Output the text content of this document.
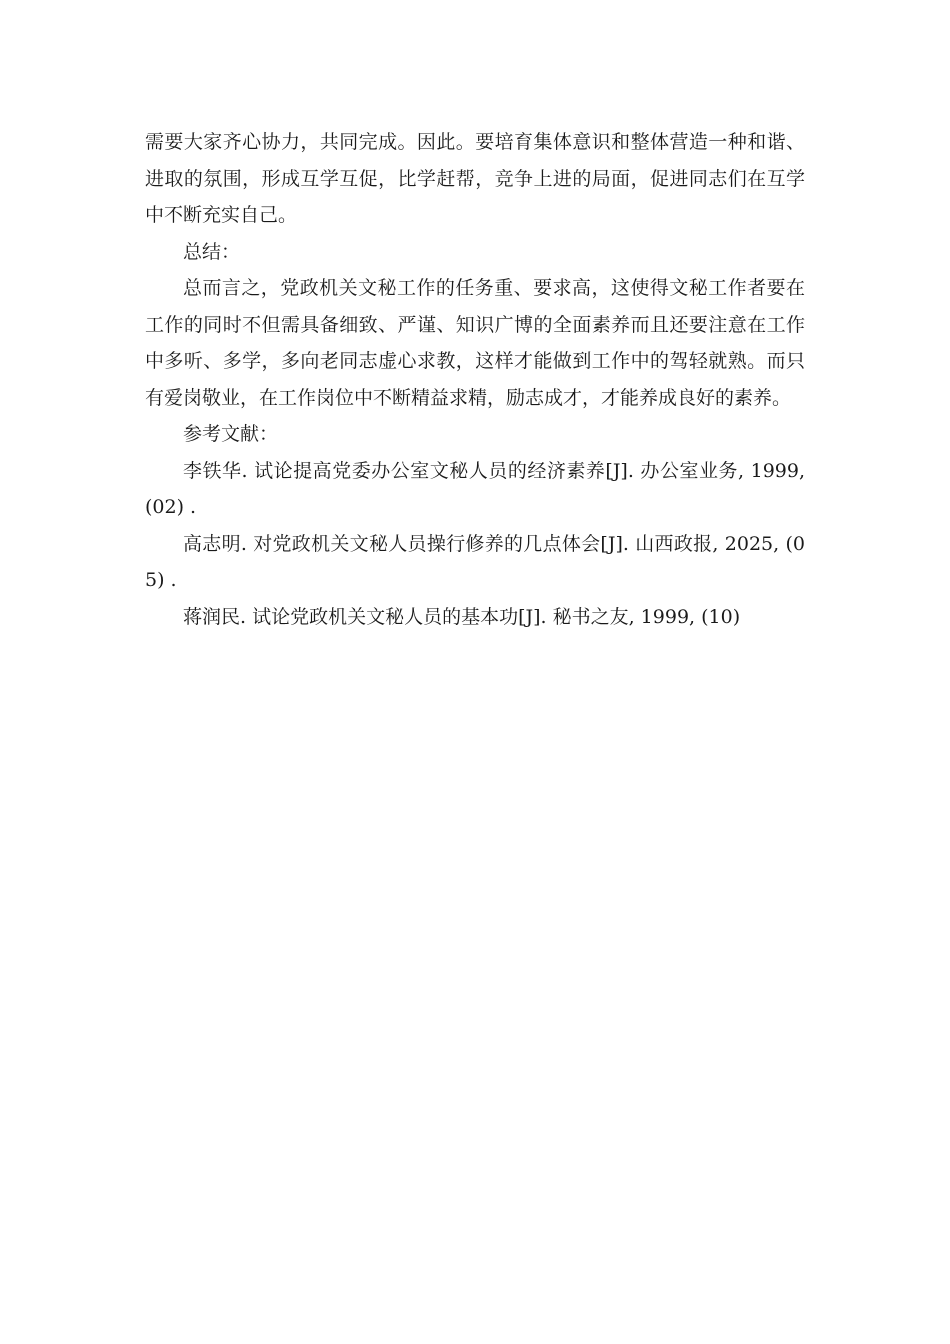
需要大家齐心协力，共同完成。因此。要培育集体意识和整体营造一种和谐、进取的氛围，形成互学互促，比学赶帮，竞争上进的局面，促进同志们在互学中不断充实自己。

总结：

总而言之，党政机关文秘工作的任务重、要求高，这使得文秘工作者要在工作的同时不但需具备细致、严谨、知识广博的全面素养而且还要注意在工作中多听、多学，多向老同志虚心求教，这样才能做到工作中的驾轻就熟。而只有爱岗敬业，在工作岗位中不断精益求精，励志成才，才能养成良好的素养。

参考文献：

李铁华. 试论提高党委办公室文秘人员的经济素养[J]. 办公室业务, 1999, (02) .

高志明. 对党政机关文秘人员操行修养的几点体会[J]. 山西政报, 2025, (05) .

蒋润民. 试论党政机关文秘人员的基本功[J]. 秘书之友, 1999, (10)
